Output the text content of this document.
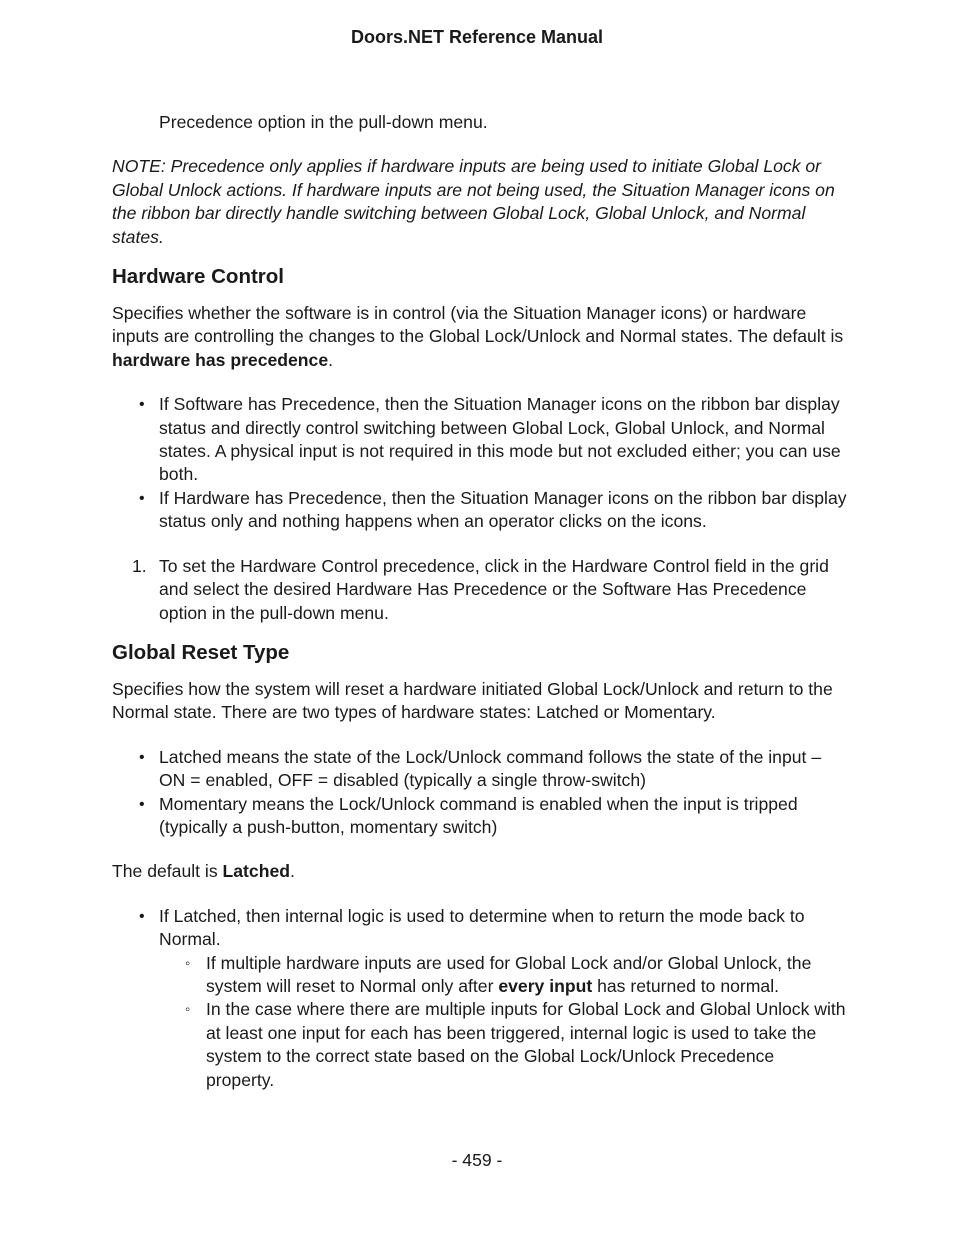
Doors.NET Reference Manual

Precedence option in the pull-down menu.

NOTE: Precedence only applies if hardware inputs are being used to initiate Global Lock or Global Unlock actions. If hardware inputs are not being used, the Situation Manager icons on the ribbon bar directly handle switching between Global Lock, Global Unlock, and Normal states.

Hardware Control

Specifies whether the software is in control (via the Situation Manager icons) or hardware inputs are controlling the changes to the Global Lock/Unlock and Normal states. The default is hardware has precedence.

• If Software has Precedence, then the Situation Manager icons on the ribbon bar display status and directly control switching between Global Lock, Global Unlock, and Normal states. A physical input is not required in this mode but not excluded either; you can use both.
• If Hardware has Precedence, then the Situation Manager icons on the ribbon bar display status only and nothing happens when an operator clicks on the icons.
1. To set the Hardware Control precedence, click in the Hardware Control field in the grid and select the desired Hardware Has Precedence or the Software Has Precedence option in the pull-down menu.
Global Reset Type

Specifies how the system will reset a hardware initiated Global Lock/Unlock and return to the Normal state. There are two types of hardware states: Latched or Momentary.

• Latched means the state of the Lock/Unlock command follows the state of the input – ON = enabled, OFF = disabled (typically a single throw-switch)
• Momentary means the Lock/Unlock command is enabled when the input is tripped (typically a push-button, momentary switch)

The default is Latched.

• If Latched, then internal logic is used to determine when to return the mode back to Normal.
◦ If multiple hardware inputs are used for Global Lock and/or Global Unlock, the system will reset to Normal only after every input has returned to normal.
◦ In the case where there are multiple inputs for Global Lock and Global Unlock with at least one input for each has been triggered, internal logic is used to take the system to the correct state based on the Global Lock/Unlock Precedence property.
- 459 -
